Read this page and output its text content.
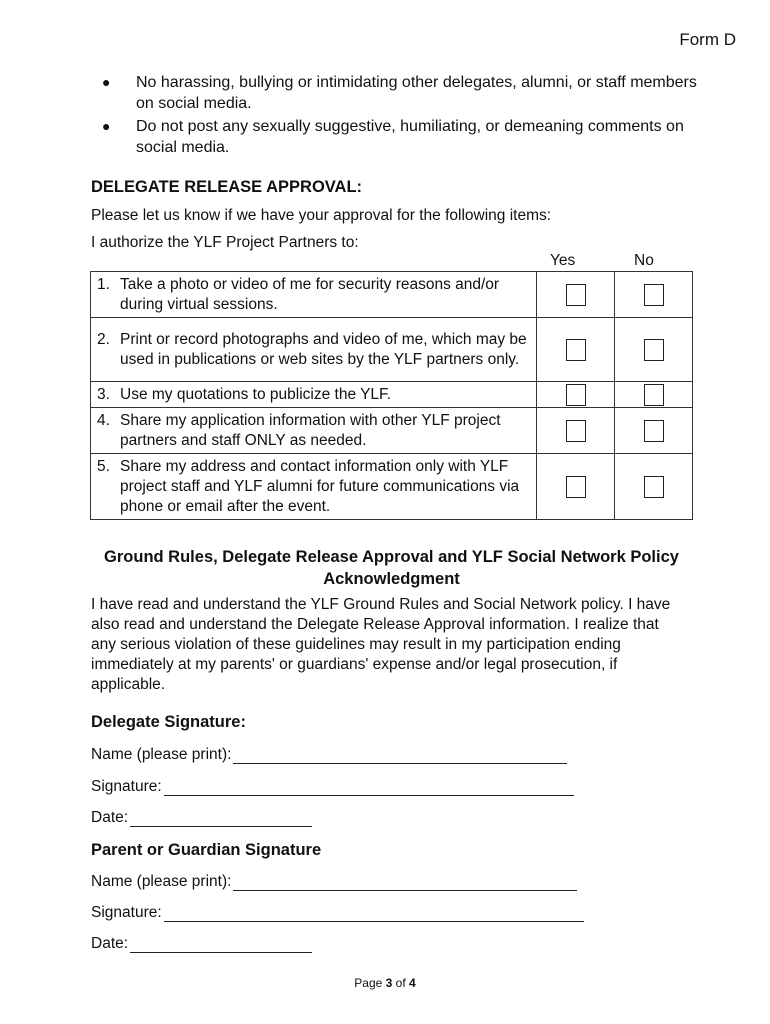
Form D
● No harassing, bullying or intimidating other delegates, alumni, or staff members on social media.
● Do not post any sexually suggestive, humiliating, or demeaning comments on social media.
DELEGATE RELEASE APPROVAL:
Please let us know if we have your approval for the following items:
I authorize the YLF Project Partners to:
Yes	No
1. Take a photo or video of me for security reasons and/or during virtual sessions.		

2. Print or record photographs and video of me, which may be used in publications or web sites by the YLF partners only.		

3. Use my quotations to publicize the YLF.		

4. Share my application information with other YLF project partners and staff ONLY as needed.		

5. Share my address and contact information only with YLF project staff and YLF alumni for future communications via phone or email after the event.		

Ground Rules, Delegate Release Approval and YLF Social Network Policy Acknowledgment
I have read and understand the YLF Ground Rules and Social Network policy. I have also read and understand the Delegate Release Approval information. I realize that any serious violation of these guidelines may result in my participation ending immediately at my parents' or guardians' expense and/or legal prosecution, if applicable.
Delegate Signature:
Name (please print):
Signature:
Date:
Parent or Guardian Signature
Name (please print):
Signature:
Date:
Page 3 of 4
